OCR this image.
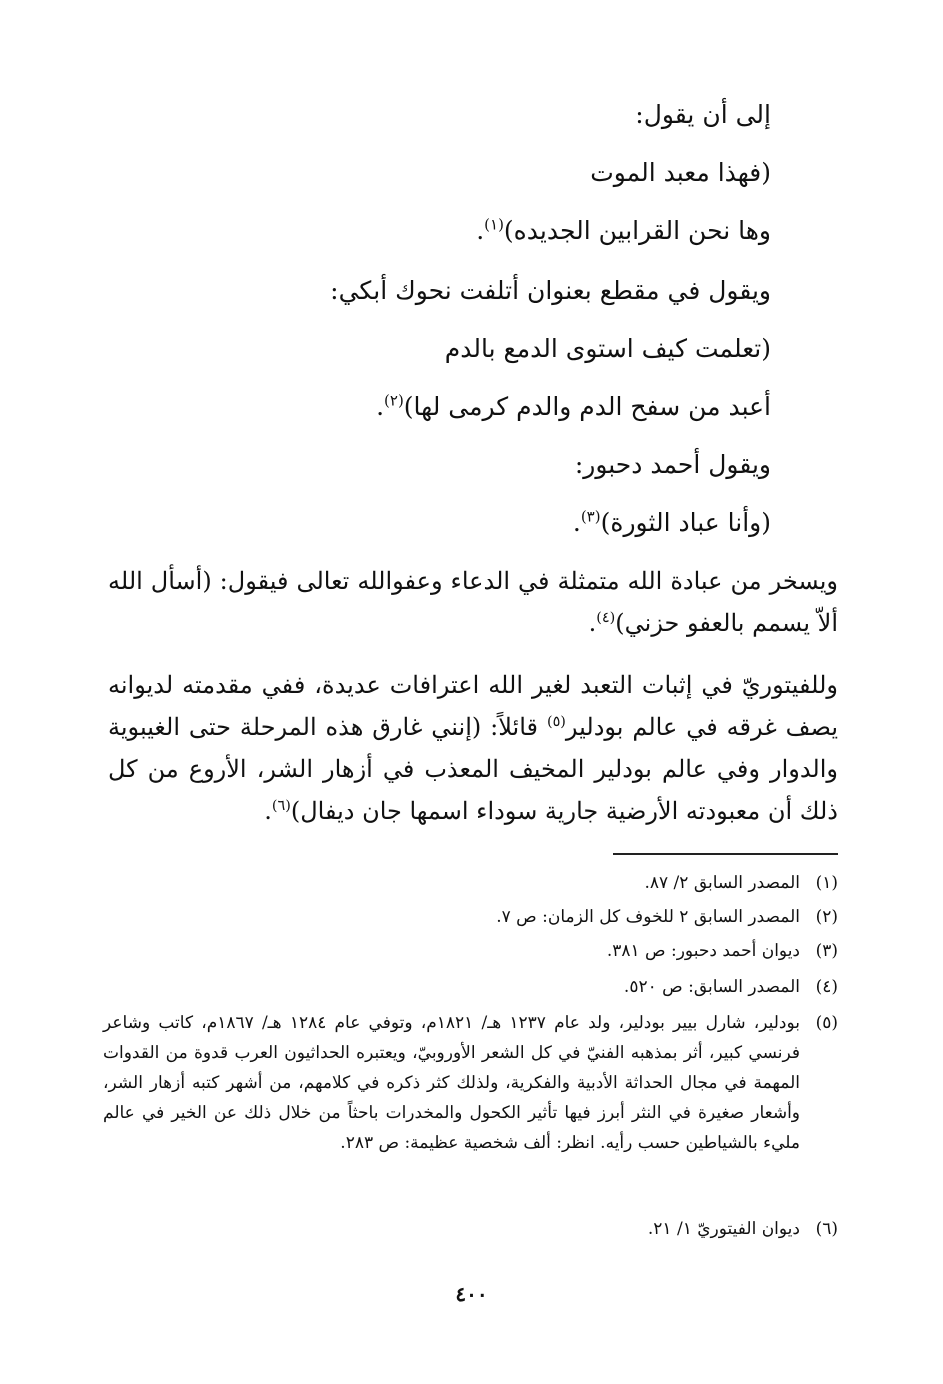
إلى أن يقول:
(فهذا معبد الموت
وها نحن القرابين الجديده)$^{(١)}$.
ويقول في مقطع بعنوان أتلفت نحوك أبكي:
(تعلمت كيف استوى الدمع بالدم
أعبد من سفح الدم والدم كرمى لها)$^{(٢)}$.
ويقول أحمد دحبور:
(وأنا عباد الثورة)$^{(٣)}$.
ويسخر من عبادة الله متمثلة في الدعاء وعفوالله تعالى فيقول: (أسأل الله ألاّ يسمم بالعفو حزني)$^{(٤)}$.
وللفيتوريّ في إثبات التعبد لغير الله اعترافات عديدة، ففي مقدمته لديوانه يصف غرقه في عالم بودلير$^{(٥)}$ قائلاً: (إنني غارق هذه المرحلة حتى الغيبوية والدوار وفي عالم بودلير المخيف المعذب في أزهار الشر، الأروع من كل ذلك أن معبودته الأرضية جارية سوداء اسمها جان ديفال)$^{(٦)}$.
(١)
المصدر السابق ٢/ ٨٧.
(٢)
المصدر السابق ٢ للخوف كل الزمان: ص ٧.
(٣)
ديوان أحمد دحبور: ص ٣٨١.
(٤)
المصدر السابق: ص ٥٢٠.
(٥)
بودلير، شارل بيير بودلير، ولد عام ١٢٣٧ هـ/ ١٨٢١م، وتوفي عام ١٢٨٤ هـ/ ١٨٦٧م، كاتب وشاعر فرنسي كبير، أثر بمذهبه الفنيّ في كل الشعر الأوروبيّ، ويعتبره الحداثيون العرب قدوة من القدوات المهمة في مجال الحداثة الأدبية والفكرية، ولذلك كثر ذكره في كلامهم، من أشهر كتبه أزهار الشر، وأشعار صغيرة في النثر أبرز فيها تأثير الكحول والمخدرات باحثاً من خلال ذلك عن الخير في عالم مليء بالشياطين حسب رأيه. انظر: ألف شخصية عظيمة: ص ٢٨٣.
(٦)
ديوان الفيتوريّ ١/ ٢١.
٤٠٠
